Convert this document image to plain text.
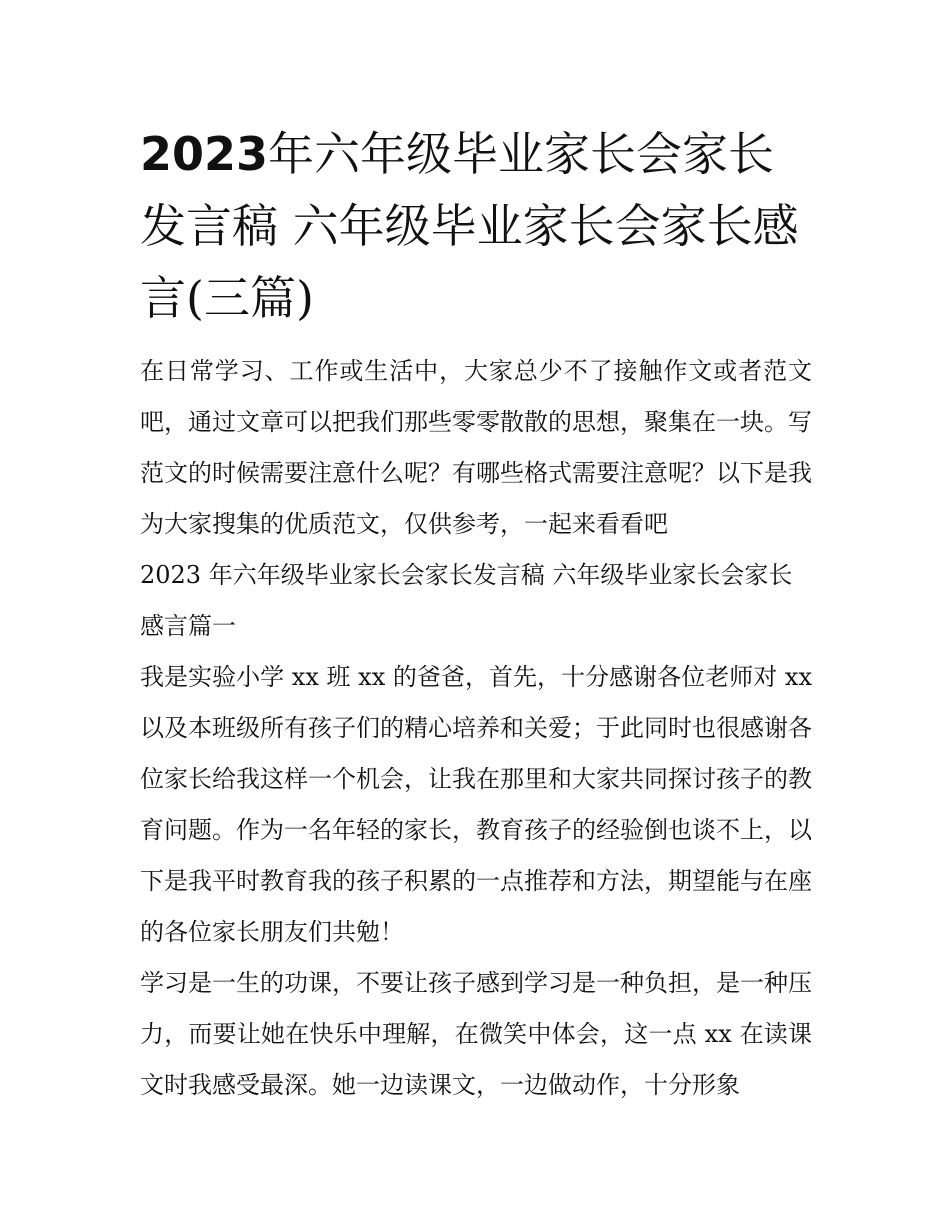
2023年六年级毕业家长会家长发言稿 六年级毕业家长会家长感言(三篇)

在日常学习、工作或生活中，大家总少不了接触作文或者范文吧，通过文章可以把我们那些零零散散的思想，聚集在一块。写范文的时候需要注意什么呢？有哪些格式需要注意呢？以下是我为大家搜集的优质范文，仅供参考，一起来看看吧

2023 年六年级毕业家长会家长发言稿 六年级毕业家长会家长感言篇一

我是实验小学 xx 班 xx 的爸爸，首先，十分感谢各位老师对 xx 以及本班级所有孩子们的精心培养和关爱；于此同时也很感谢各位家长给我这样一个机会，让我在那里和大家共同探讨孩子的教育问题。作为一名年轻的家长，教育孩子的经验倒也谈不上，以下是我平时教育我的孩子积累的一点推荐和方法，期望能与在座的各位家长朋友们共勉！

学习是一生的功课，不要让孩子感到学习是一种负担，是一种压力，而要让她在快乐中理解，在微笑中体会，这一点 xx 在读课文时我感受最深。她一边读课文，一边做动作，十分形象
